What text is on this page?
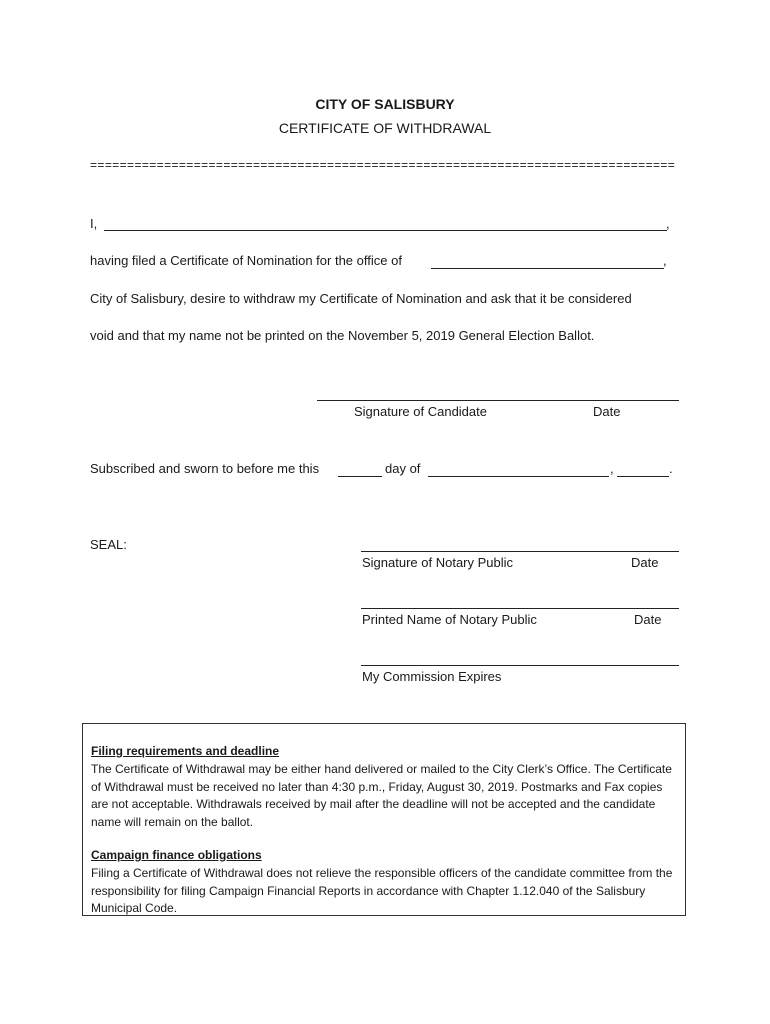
CITY OF SALISBURY
CERTIFICATE OF WITHDRAWAL
===============================================================================
I,	,
having filed a Certificate of Nomination for the office of	,
City of Salisbury, desire to withdraw my Certificate of Nomination and ask that it be considered
void and that my name not be printed on the November 5, 2019 General Election Ballot.
Signature of Candidate	Date
Subscribed and sworn to before me this	day of	,	.
SEAL:
Signature of Notary Public	Date
Printed Name of Notary Public	Date
My Commission Expires
Filing requirements and deadline
The Certificate of Withdrawal may be either hand delivered or mailed to the City Clerk’s Office. The Certificate of Withdrawal must be received no later than 4:30 p.m., Friday, August 30, 2019. Postmarks and Fax copies are not acceptable. Withdrawals received by mail after the deadline will not be accepted and the candidate name will remain on the ballot.
Campaign finance obligations
Filing a Certificate of Withdrawal does not relieve the responsible officers of the candidate committee from the responsibility for filing Campaign Financial Reports in accordance with Chapter 1.12.040 of the Salisbury Municipal Code.
